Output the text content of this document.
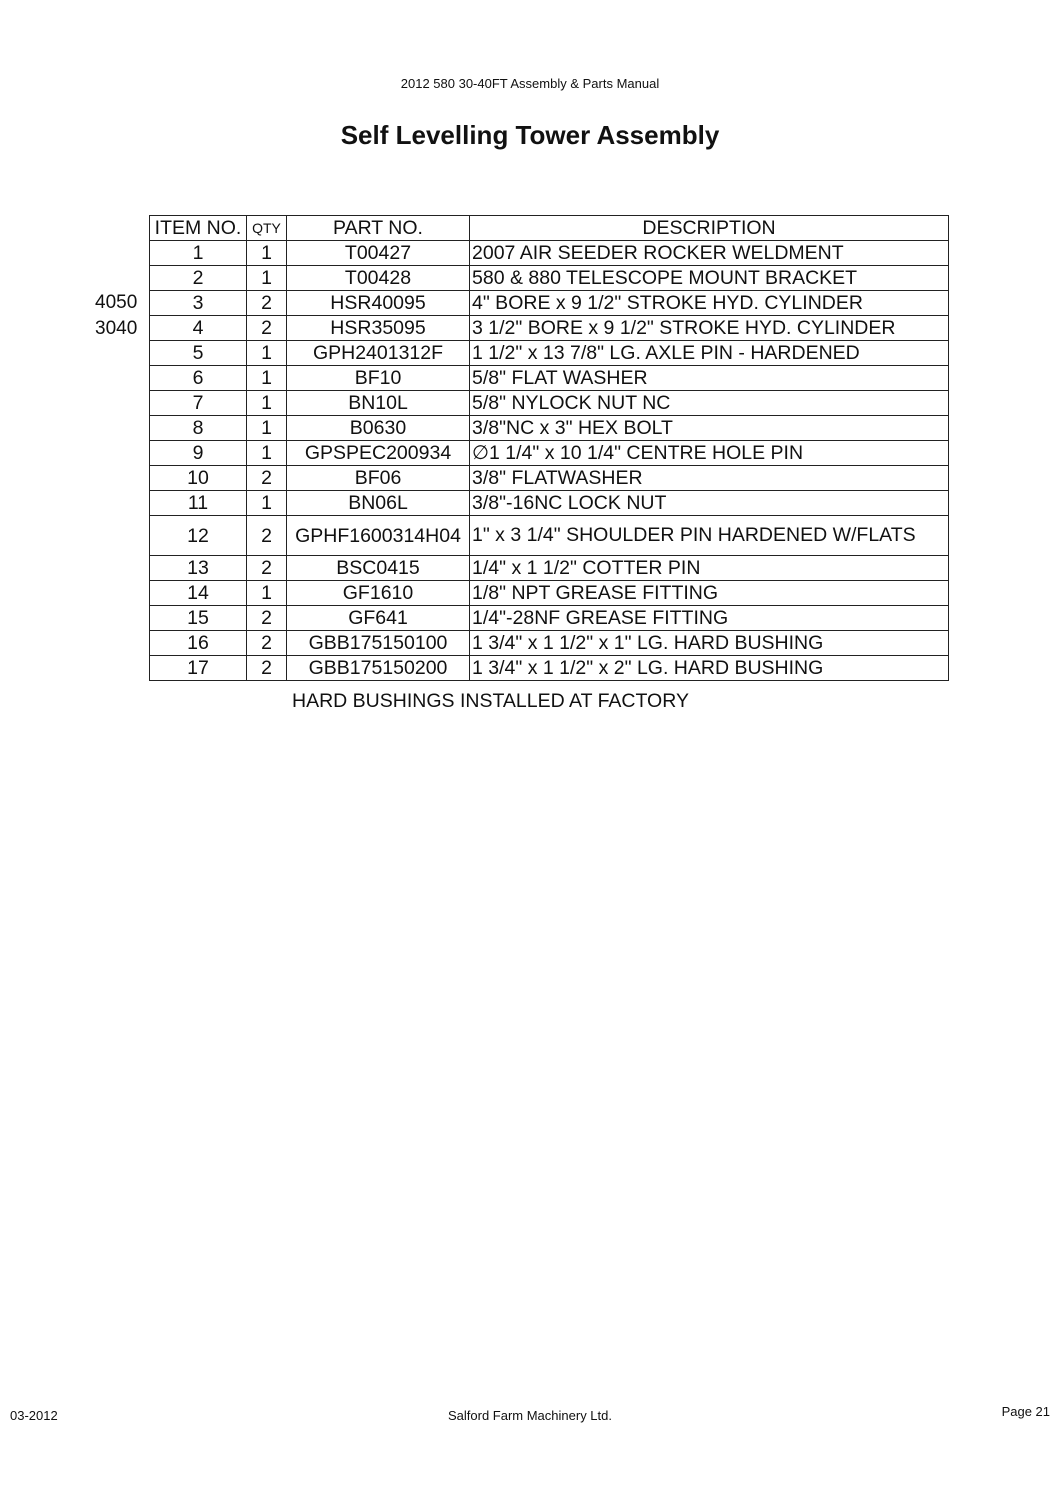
2012 580 30-40FT Assembly & Parts Manual
Self Levelling Tower Assembly
4050
3040
ITEM NO.	QTY	PART NO.	DESCRIPTION
1	1	T00427	2007 AIR SEEDER ROCKER WELDMENT
2	1	T00428	580 & 880 TELESCOPE MOUNT BRACKET
3	2	HSR40095	4" BORE x 9 1/2" STROKE HYD. CYLINDER
4	2	HSR35095	3 1/2" BORE x 9 1/2" STROKE HYD. CYLINDER
5	1	GPH2401312F	1 1/2" x 13 7/8" LG. AXLE PIN - HARDENED
6	1	BF10	5/8" FLAT WASHER
7	1	BN10L	5/8" NYLOCK NUT NC
8	1	B0630	3/8"NC x 3" HEX BOLT
9	1	GPSPEC200934	∅1 1/4" x 10 1/4" CENTRE HOLE PIN
10	2	BF06	3/8" FLATWASHER
11	1	BN06L	3/8"-16NC LOCK NUT
12	2	GPHF1600314H04	1" x 3 1/4" SHOULDER PIN HARDENED W/FLATS
13	2	BSC0415	1/4" x 1 1/2" COTTER PIN
14	1	GF1610	1/8" NPT GREASE FITTING
15	2	GF641	1/4"-28NF GREASE FITTING
16	2	GBB175150100	1 3/4" x 1 1/2" x 1" LG. HARD BUSHING
17	2	GBB175150200	1 3/4" x 1 1/2" x 2" LG. HARD BUSHING
HARD BUSHINGS INSTALLED AT FACTORY
03-2012	Salford Farm Machinery Ltd.	Page 21
